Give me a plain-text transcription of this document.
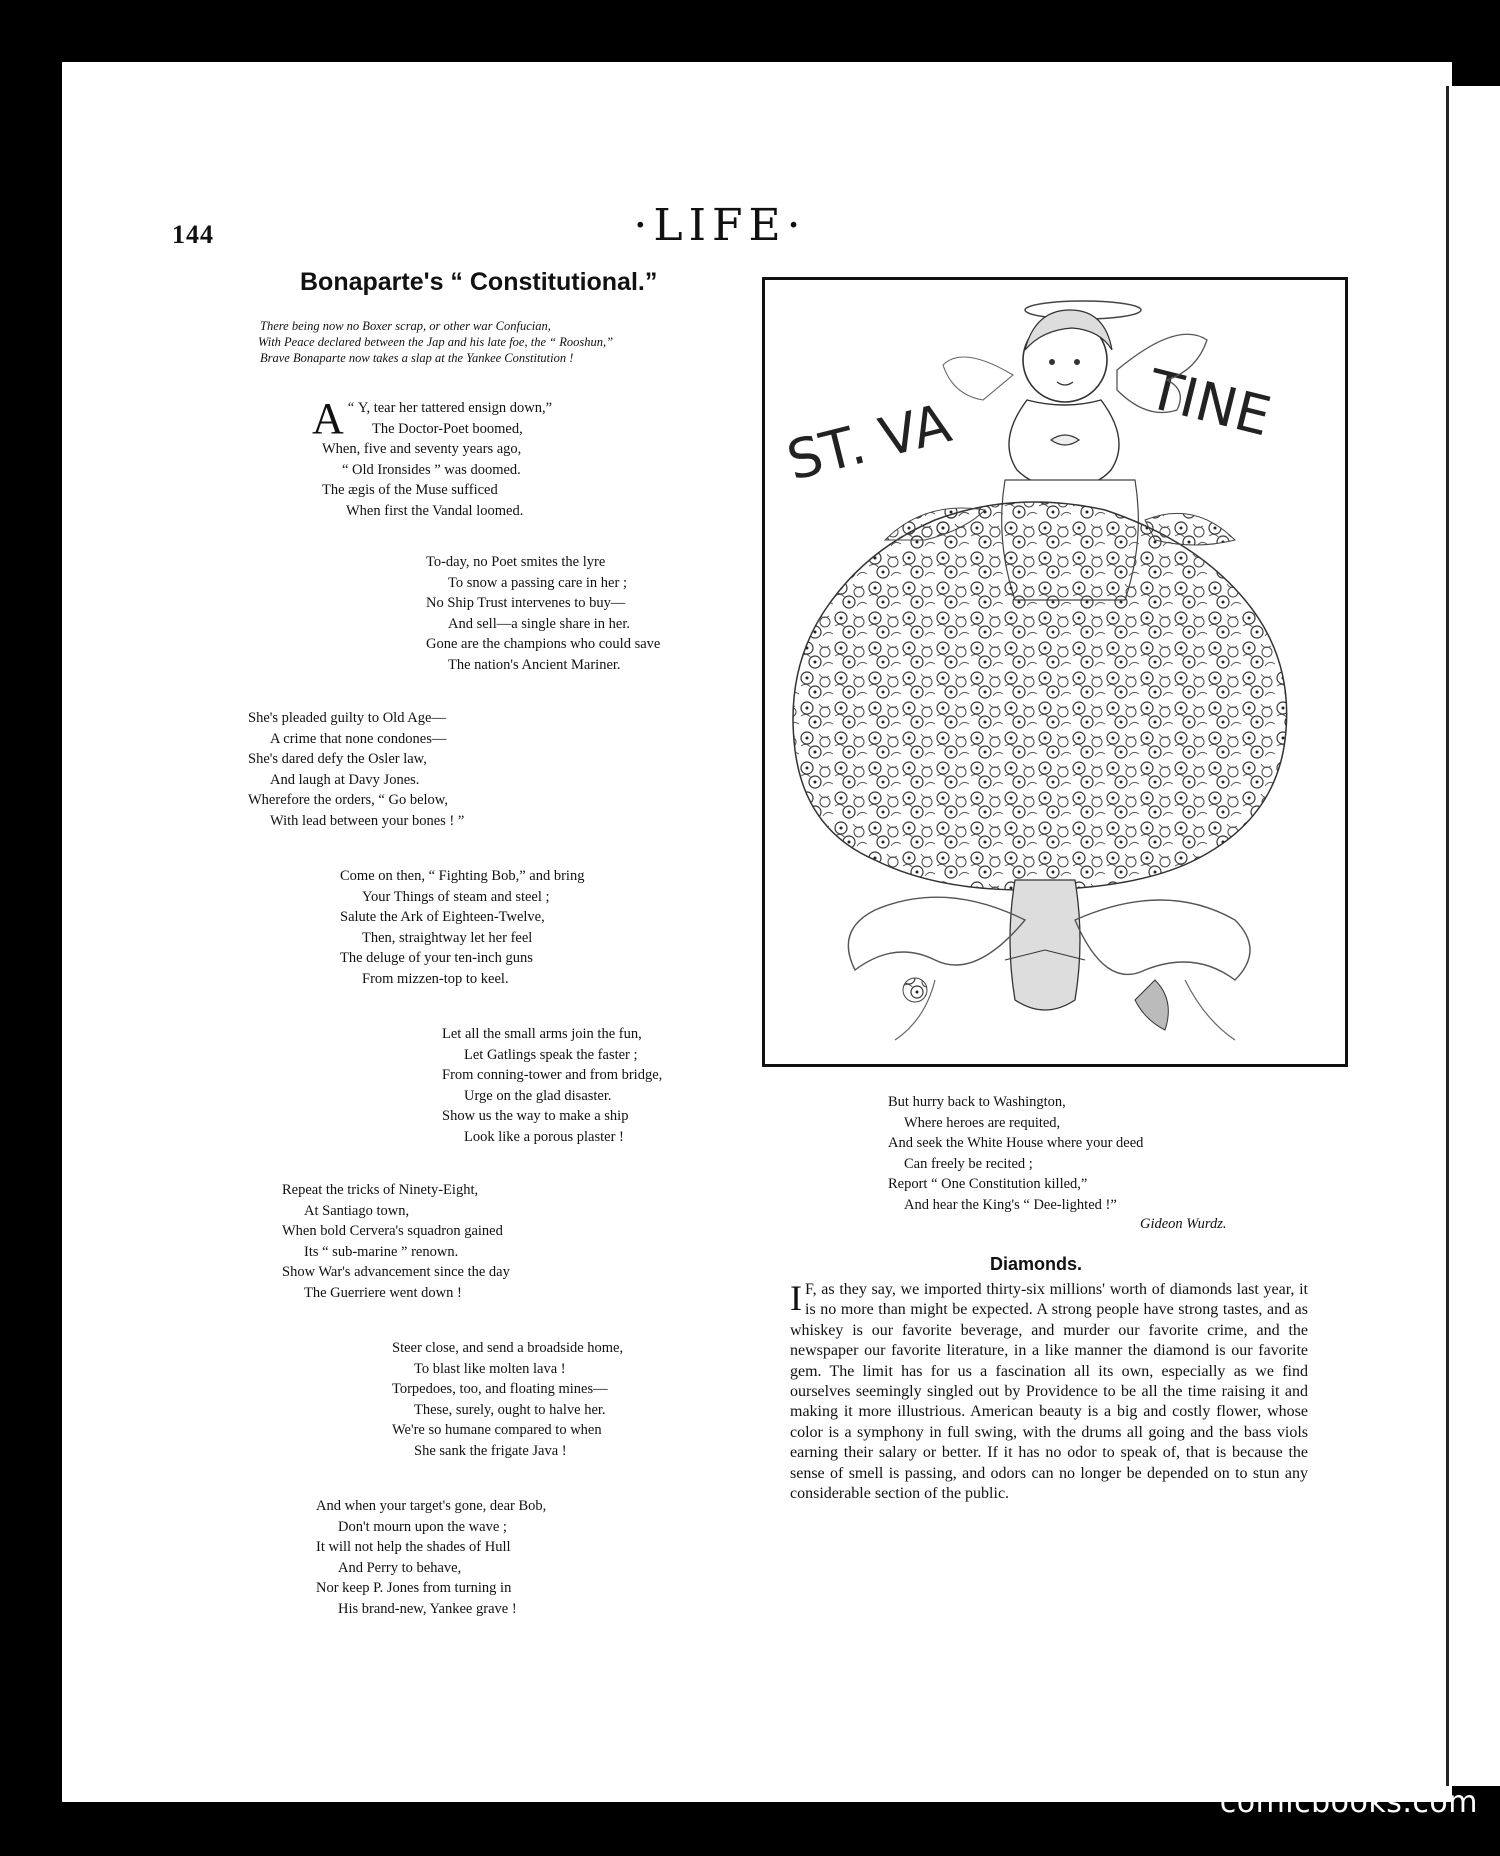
144	·LIFE·
Bonaparte's “ Constitutional.”
There being now no Boxer scrap, or other war Confucian,
With Peace declared between the Jap and his late foe, the “ Rooshun,”
Brave Bonaparte now takes a slap at the Yankee Constitution !
“
A Y, tear her tattered ensign down,”
The Doctor-Poet boomed,
When, five and seventy years ago,
“ Old Ironsides ” was doomed.
The ægis of the Muse sufficed
When first the Vandal loomed.
To-day, no Poet smites the lyre
To snow a passing care in her ;
No Ship Trust intervenes to buy—
And sell—a single share in her.
Gone are the champions who could save
The nation's Ancient Mariner.
She's pleaded guilty to Old Age—
A crime that none condones—
She's dared defy the Osler law,
And laugh at Davy Jones.
Wherefore the orders, “ Go below,
With lead between your bones ! ”
Come on then, “ Fighting Bob,” and bring
Your Things of steam and steel ;
Salute the Ark of Eighteen-Twelve,
Then, straightway let her feel
The deluge of your ten-inch guns
From mizzen-top to keel.
Let all the small arms join the fun,
Let Gatlings speak the faster ;
From conning-tower and from bridge,
Urge on the glad disaster.
Show us the way to make a ship
Look like a porous plaster !
Repeat the tricks of Ninety-Eight,
At Santiago town,
When bold Cervera's squadron gained
Its “ sub-marine ” renown.
Show War's advancement since the day
The Guerriere went down !
Steer close, and send a broadside home,
To blast like molten lava !
Torpedoes, too, and floating mines—
These, surely, ought to halve her.
We're so humane compared to when
She sank the frigate Java !
And when your target's gone, dear Bob,
Don't mourn upon the wave ;
It will not help the shades of Hull
And Perry to behave,
Nor keep P. Jones from turning in
His brand-new, Yankee grave !
ST. VA	TINE
But hurry back to Washington,
Where heroes are requited,
And seek the White House where your deed
Can freely be recited ;
Report “ One Constitution killed,”
And hear the King's “ Dee-lighted !”
Gideon Wurdz.
Diamonds.
I F, as they say, we imported thirty-six millions' worth of diamonds last year, it is no more than might be expected. A strong people have strong tastes, and as whiskey is our favorite beverage, and murder our favorite crime, and the newspaper our favorite literature, in a like manner the diamond is our favorite gem. The limit has for us a fascination all its own, especially as we find ourselves seemingly singled out by Providence to be all the time raising it and making it more illustrious. American beauty is a big and costly flower, whose color is a symphony in full swing, with the drums all going and the bass viols earning their salary or better. If it has no odor to speak of, that is because the sense of smell is passing, and odors can no longer be depended on to stun any considerable section of the public.
comicbooks.com
